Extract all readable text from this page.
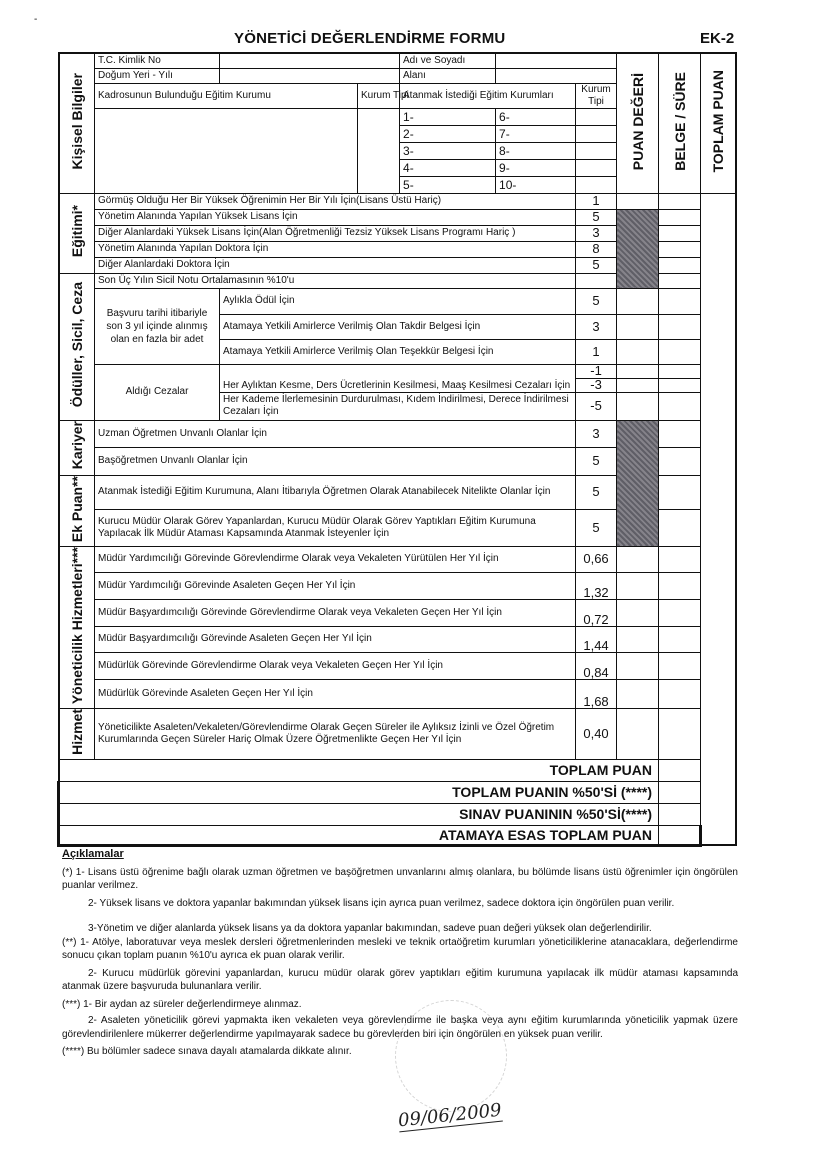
-
YÖNETİCİ DEĞERLENDİRME FORMU	EK-2
Kişisel Bilgiler	T.C. Kimlik No			Adı ve Soyadı			PUAN DEĞERİ	BELGE / SÜRE	TOPLAM PUAN
	Doğum Yeri - Yılı			Alanı					
	Kadrosunun Bulunduğu Eğitim Kurumu		Kurum Tipi	Atanmak İstediği Eğitim Kurumları		Kurum Tipi			
				1-	6-				
				2-	7-				
				3-	8-				
				4-	9-				
				5-	10-				
Eğitimi*	Görmüş Olduğu Her Bir Yüksek Öğrenimin Her Bir Yılı İçin(Lisans Üstü Hariç)					1			
	Yönetim Alanında Yapılan Yüksek Lisans İçin					5			
	Diğer Alanlardaki Yüksek Lisans İçin(Alan Öğretmenliği Tezsiz Yüksek Lisans Programı Hariç )					3			
	Yönetim Alanında Yapılan Doktora İçin					8			
	Diğer Alanlardaki Doktora İçin					5			
Ödüller, Sicil, Ceza	Son Üç Yılın Sicil Notu Ortalamasının %10'u								
	Başvuru tarihi itibariyle son 3 yıl içinde alınmış olan en fazla bir adet	Aylıkla Ödül İçin				5			
		Atamaya Yetkili Amirlerce Verilmiş Olan Takdir Belgesi İçin				3			
		Atamaya Yetkili Amirlerce Verilmiş Olan Teşekkür Belgesi İçin				1			
	Aldığı Cezalar	Her Aylıktan Kesme, Ders Ücretlerinin Kesilmesi, Maaş Kesilmesi Cezaları İçin				-1			
						-3			
		Her Kademe İlerlemesinin Durdurulması, Kıdem İndirilmesi, Derece İndirilmesi Cezaları İçin				-5			
Kariyer	Uzman Öğretmen Unvanlı Olanlar İçin					3			
	Başöğretmen Unvanlı Olanlar İçin					5			
Ek Puan**	Atanmak İstediği Eğitim Kurumuna, Alanı İtibarıyla Öğretmen Olarak Atanabilecek Nitelikte Olanlar İçin					5			
	Kurucu Müdür Olarak Görev Yapanlardan, Kurucu Müdür Olarak Görev Yaptıkları Eğitim Kurumuna Yapılacak İlk Müdür Ataması Kapsamında Atanmak İsteyenler İçin					5			
Yöneticilik Hizmetleri***	Müdür Yardımcılığı Görevinde Görevlendirme Olarak veya Vekaleten Yürütülen Her Yıl İçin					0,66			
	Müdür Yardımcılığı Görevinde Asaleten Geçen Her Yıl İçin					1,32			
	Müdür Başyardımcılığı Görevinde Görevlendirme Olarak veya Vekaleten Geçen Her Yıl İçin					0,72			
	Müdür Başyardımcılığı Görevinde Asaleten Geçen Her Yıl İçin					1,44			
	Müdürlük Görevinde Görevlendirme Olarak veya Vekaleten Geçen Her Yıl İçin					0,84			
	Müdürlük Görevinde Asaleten Geçen Her Yıl İçin					1,68			
Hizmet	Yöneticilikte Asaleten/Vekaleten/Görevlendirme Olarak Geçen Süreler ile Aylıksız İzinli ve Özel Öğretim Kurumlarında Geçen Süreler Hariç Olmak Üzere Öğretmenlikte Geçen Her Yıl İçin					0,40			
TOPLAM PUAN									
TOPLAM PUANIN %50'Sİ (****)									
SINAV PUANININ %50'Sİ(****)									
ATAMAYA ESAS TOPLAM PUAN									
Açıklamalar

(*) 1- Lisans üstü öğrenime bağlı olarak uzman öğretmen ve başöğretmen unvanlarını almış olanlara, bu bölümde lisans üstü öğrenimler için öngörülen puanlar verilmez.

2- Yüksek lisans ve doktora yapanlar bakımından yüksek lisans için ayrıca puan verilmez, sadece doktora için öngörülen puan verilir.

3-Yönetim ve diğer alanlarda yüksek lisans ya da doktora yapanlar bakımından, sadeve puan değeri yüksek olan değerlendirilir.

(**) 1- Atölye, laboratuvar veya meslek dersleri öğretmenlerinden mesleki ve teknik ortaöğretim kurumları yöneticiliklerine atanacaklara, değerlendirme sonucu çıkan toplam puanın %10'u ayrıca ek puan olarak verilir.

2- Kurucu müdürlük görevini yapanlardan, kurucu müdür olarak görev yaptıkları eğitim kurumuna yapılacak ilk müdür ataması kapsamında atanmak üzere başvuruda bulunanlara verilir.

(***) 1- Bir aydan az süreler değerlendirmeye alınmaz.

2- Asaleten yöneticilik görevi yapmakta iken vekaleten veya görevlendirme ile başka veya aynı eğitim kurumlarında yöneticilik yapmak üzere görevlendirilenlere mükerrer değerlendirme yapılmayarak sadece bu görevlerden biri için öngörülen en yüksek puan verilir.

(****) Bu bölümler sadece sınava dayalı atamalarda dikkate alınır.

09/06/2009
